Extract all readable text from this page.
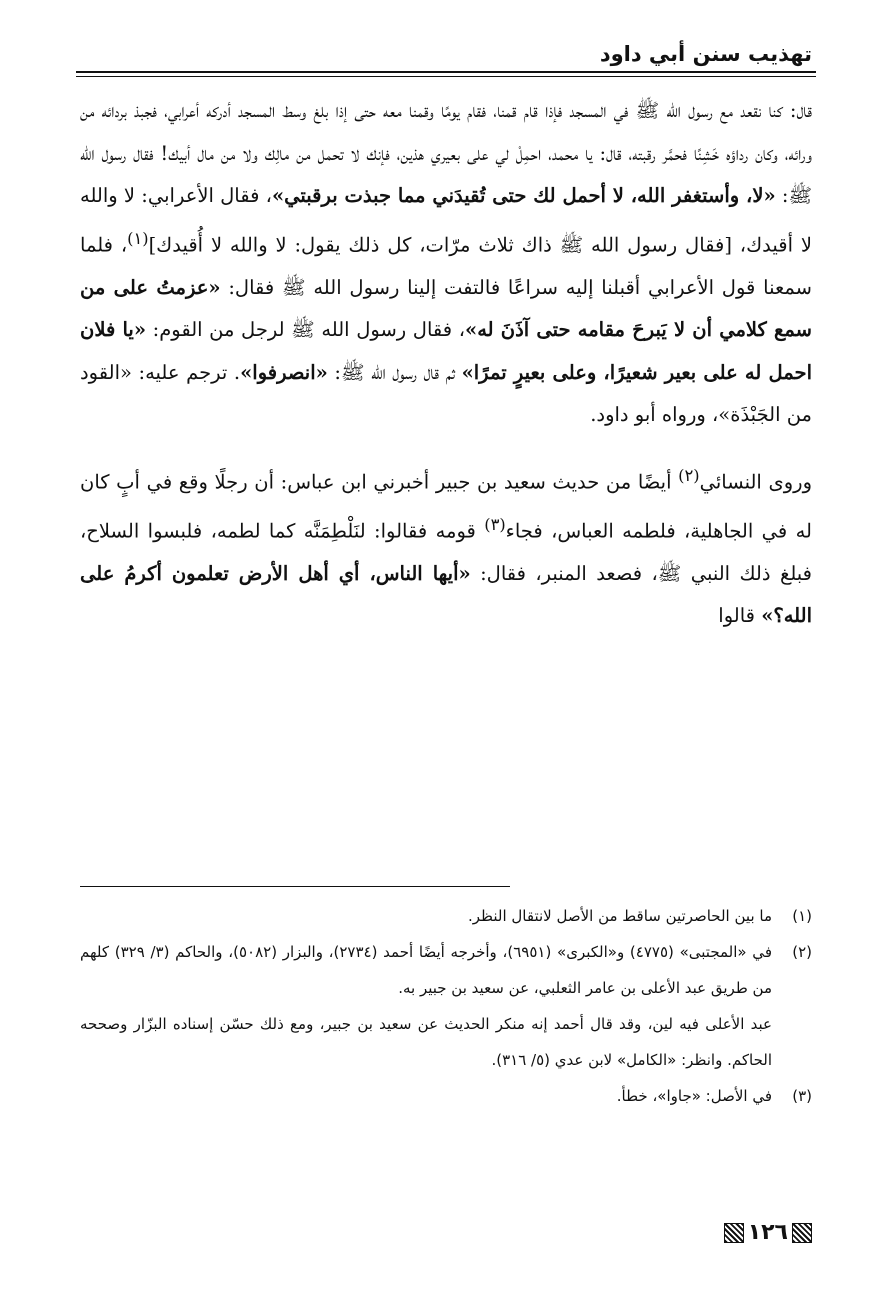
تهذيب سنن أبي داود

قال: كنا نقعد مع رسول الله ﷺ في المسجد فإذا قام قمنا، فقام يومًا وقمنا معه حتى إذا بلغ وسط المسجد أدركه أعرابي، فجبذ بردائه من ورائه، وكان رداؤه خَشِنًا فحمَّر رقبته، قال: يا محمد، احمِلْ لي على بعيري هذين، فإنك لا تحمل من مالِك ولا من مال أبيك! فقال رسول الله ﷺ: «لا، وأستغفر الله، لا أحمل لك حتى تُقيدَني مما جبذت برقبتي»، فقال الأعرابي: لا والله لا أقيدك، [فقال رسول الله ﷺ ذاك ثلاث مرّات، كل ذلك يقول: لا والله لا أُقيدك]$^{(١)}$، فلما سمعنا قول الأعرابي أقبلنا إليه سراعًا فالتفت إلينا رسول الله ﷺ فقال: «عزمتُ على من سمع كلامي أن لا يَبرحَ مقامه حتى آذَنَ له»، فقال رسول الله ﷺ لرجل من القوم: «يا فلان احمل له على بعير شعيرًا، وعلى بعيرٍ تمرًا» ثم قال رسول الله ﷺ: «انصرفوا». ترجم عليه: «القود من الجَبْذَة»، ورواه أبو داود.

وروى النسائي$^{(٢)}$ أيضًا من حديث سعيد بن جبير أخبرني ابن عباس: أن رجلًا وقع في أبٍ كان له في الجاهلية، فلطمه العباس، فجاء$^{(٣)}$ قومه فقالوا: لنَلْطِمَنَّه كما لطمه، فلبسوا السلاح، فبلغ ذلك النبي ﷺ، فصعد المنبر، فقال: «أيها الناس، أي أهل الأرض تعلمون أكرمُ على الله؟» قالوا

(١)
ما بين الحاصرتين ساقط من الأصل لانتقال النظر.
(٢)
في «المجتبى» (٤٧٧٥) و«الكبرى» (٦٩٥١)، وأخرجه أيضًا أحمد (٢٧٣٤)، والبزار (٥٠٨٢)، والحاكم (٣/ ٣٢٩) كلهم من طريق عبد الأعلى بن عامر الثعلبي، عن سعيد بن جبير به.
عبد الأعلى فيه لين، وقد قال أحمد إنه منكر الحديث عن سعيد بن جبير، ومع ذلك حسّن إسناده البزّار وصححه الحاكم. وانظر: «الكامل» لابن عدي (٥/ ٣١٦).
(٣)
في الأصل: «جاوا»، خطأ.
١٢٦
